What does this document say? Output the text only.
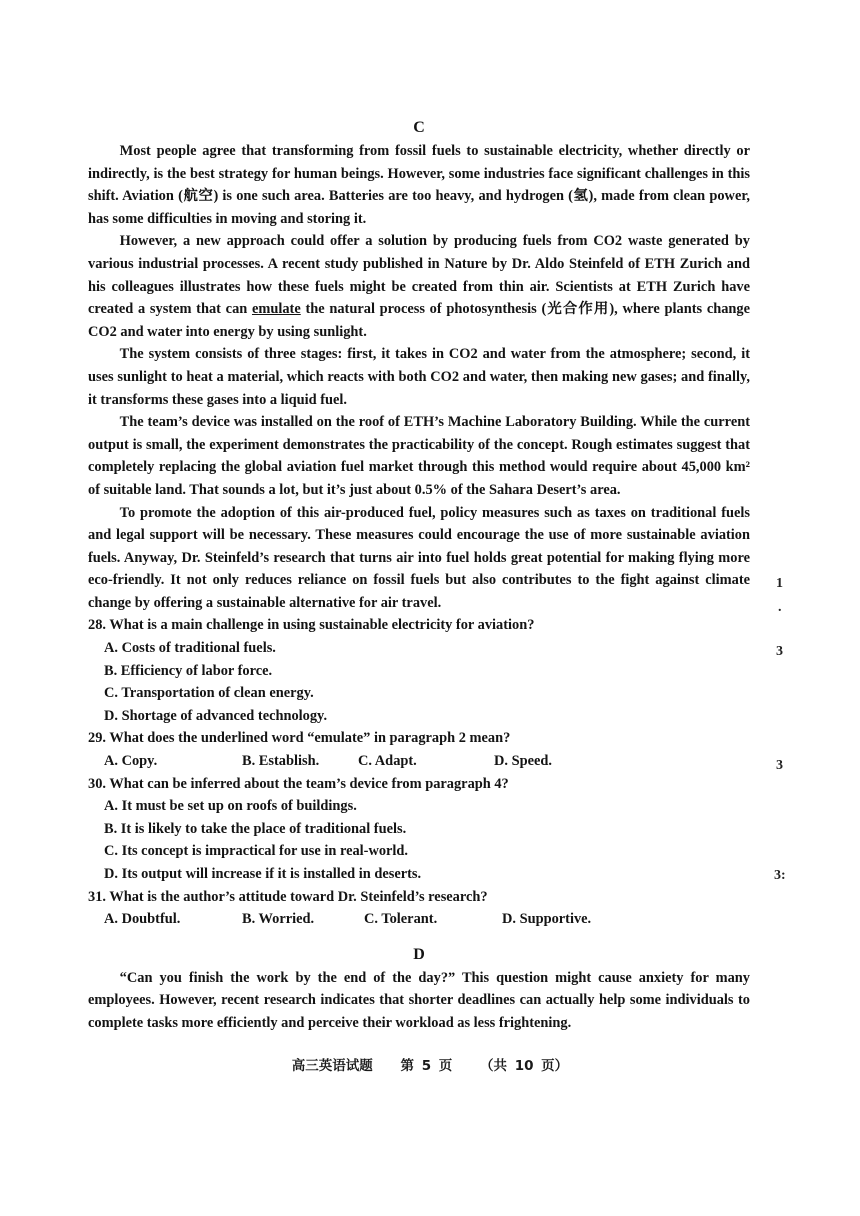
C

Most people agree that transforming from fossil fuels to sustainable electricity, whether directly or indirectly, is the best strategy for human beings. However, some industries face significant challenges in this shift. Aviation (航空) is one such area. Batteries are too heavy, and hydrogen (氢), made from clean power, has some difficulties in moving and storing it.

However, a new approach could offer a solution by producing fuels from CO2 waste generated by various industrial processes. A recent study published in Nature by Dr. Aldo Steinfeld of ETH Zurich and his colleagues illustrates how these fuels might be created from thin air. Scientists at ETH Zurich have created a system that can emulate the natural process of photosynthesis (光合作用), where plants change CO2 and water into energy by using sunlight.

The system consists of three stages: first, it takes in CO2 and water from the atmosphere; second, it uses sunlight to heat a material, which reacts with both CO2 and water, then making new gases; and finally, it transforms these gases into a liquid fuel.

The team’s device was installed on the roof of ETH’s Machine Laboratory Building. While the current output is small, the experiment demonstrates the practicability of the concept. Rough estimates suggest that completely replacing the global aviation fuel market through this method would require about 45,000 km² of suitable land. That sounds a lot, but it’s just about 0.5% of the Sahara Desert’s area.

To promote the adoption of this air-produced fuel, policy measures such as taxes on traditional fuels and legal support will be necessary. These measures could encourage the use of more sustainable aviation fuels. Anyway, Dr. Steinfeld’s research that turns air into fuel holds great potential for making flying more eco-friendly. It not only reduces reliance on fossil fuels but also contributes to the fight against climate change by offering a sustainable alternative for air travel.

28. What is a main challenge in using sustainable electricity for aviation?

A. Costs of traditional fuels.

B. Efficiency of labor force.

C. Transportation of clean energy.

D. Shortage of advanced technology.

29. What does the underlined word “emulate” in paragraph 2 mean?

A. Copy.	B. Establish.	C. Adapt.	D. Speed.

30. What can be inferred about the team’s device from paragraph 4?

A. It must be set up on roofs of buildings.

B. It is likely to take the place of traditional fuels.

C. Its concept is impractical for use in real-world.

D. Its output will increase if it is installed in deserts.

31. What is the author’s attitude toward Dr. Steinfeld’s research?

A. Doubtful.	B. Worried.	C. Tolerant.	D. Supportive.

D

“Can you finish the work by the end of the day?” This question might cause anxiety for many employees. However, recent research indicates that shorter deadlines can actually help some individuals to complete tasks more efficiently and perceive their workload as less frightening.

高三英语试题 第 5 页 （共 10 页）
1
.
3
3
3:
